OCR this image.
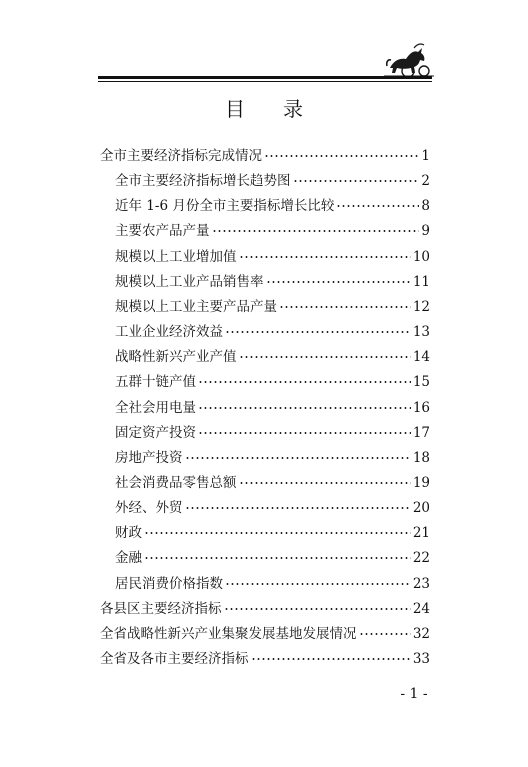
目 录
全市主要经济指标完成情况	1
全市主要经济指标增长趋势图	2
近年 1-6 月份全市主要指标增长比较	8
主要农产品产量	9
规模以上工业增加值	10
规模以上工业产品销售率	11
规模以上工业主要产品产量	12
工业企业经济效益	13
战略性新兴产业产值	14
五群十链产值	15
全社会用电量	16
固定资产投资	17
房地产投资	18
社会消费品零售总额	19
外经、外贸	20
财政	21
金融	22
居民消费价格指数	23
各县区主要经济指标	24
全省战略性新兴产业集聚发展基地发展情况	32
全省及各市主要经济指标	33
- 1 -
